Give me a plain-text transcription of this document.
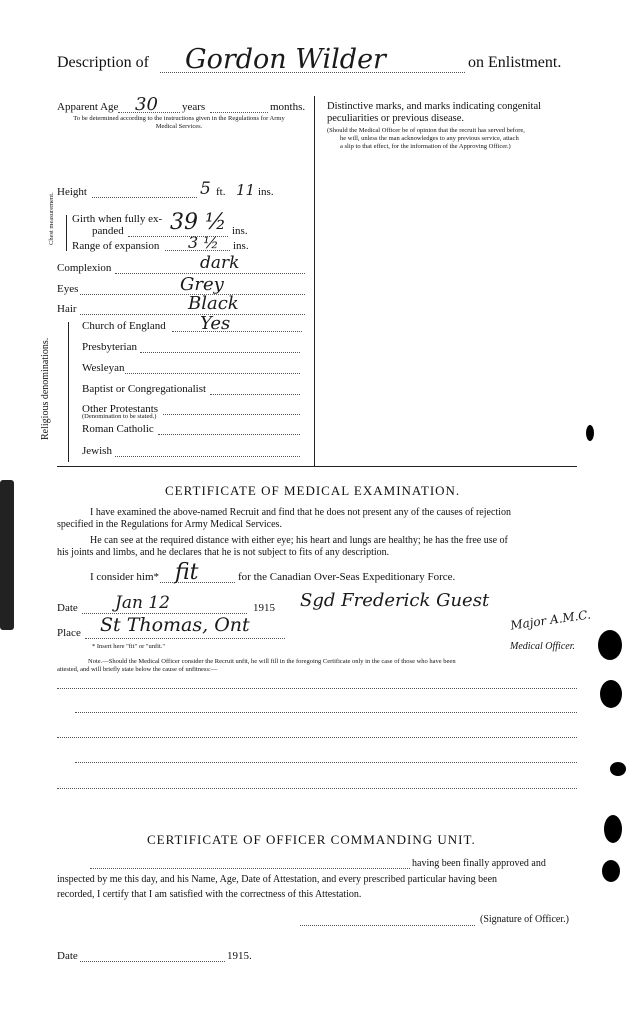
Description of Gordon Wilder	on Enlistment.
Apparent Age 30 years	months.
To be determined according to the instructions given in the Regulations for Army Medical Services.
Height	5 ft. 11 ins.
Chest measurement. Girth when fully ex-
panded 39 ½ ins.
Range of expansion 3 ½ ins.
Complexion	dark
Eyes	Grey
Hair	Black
Religious denominations.
Church of England Yes
Presbyterian
Wesleyan
Baptist or Congregationalist
Other Protestants
(Denomination to be stated.)
Roman Catholic
Jewish
Distinctive marks, and marks indicating congenital
peculiarities or previous disease.
(Should the Medical Officer be of opinion that the recruit has served before,
he will, unless the man acknowledges to any previous service, attach
a slip to that effect, for the information of the Approving Officer.)
CERTIFICATE OF MEDICAL EXAMINATION.
I have examined the above-named Recruit and find that he does not present any of the causes of rejection
specified in the Regulations for Army Medical Services.
He can see at the required distance with either eye; his heart and lungs are healthy; he has the free use of
his joints and limbs, and he declares that he is not subject to fits of any description.
I consider him* fit	for the Canadian Over-Seas Expeditionary Force.
Date Jan 12	1915 Sgd Frederick Guest
Major A.M.C.
Place St Thomas, Ont
* Insert here "fit" or "unfit."	Medical Officer.
Note.—Should the Medical Officer consider the Recruit unfit, he will fill in the foregoing Certificate only in the case of those who have been
attested, and will briefly state below the cause of unfitness:—
CERTIFICATE OF OFFICER COMMANDING UNIT.
having been finally approved and
inspected by me this day, and his Name, Age, Date of Attestation, and every prescribed particular having been
recorded, I certify that I am satisfied with the correctness of this Attestation.
(Signature of Officer.)
Date	1915.
